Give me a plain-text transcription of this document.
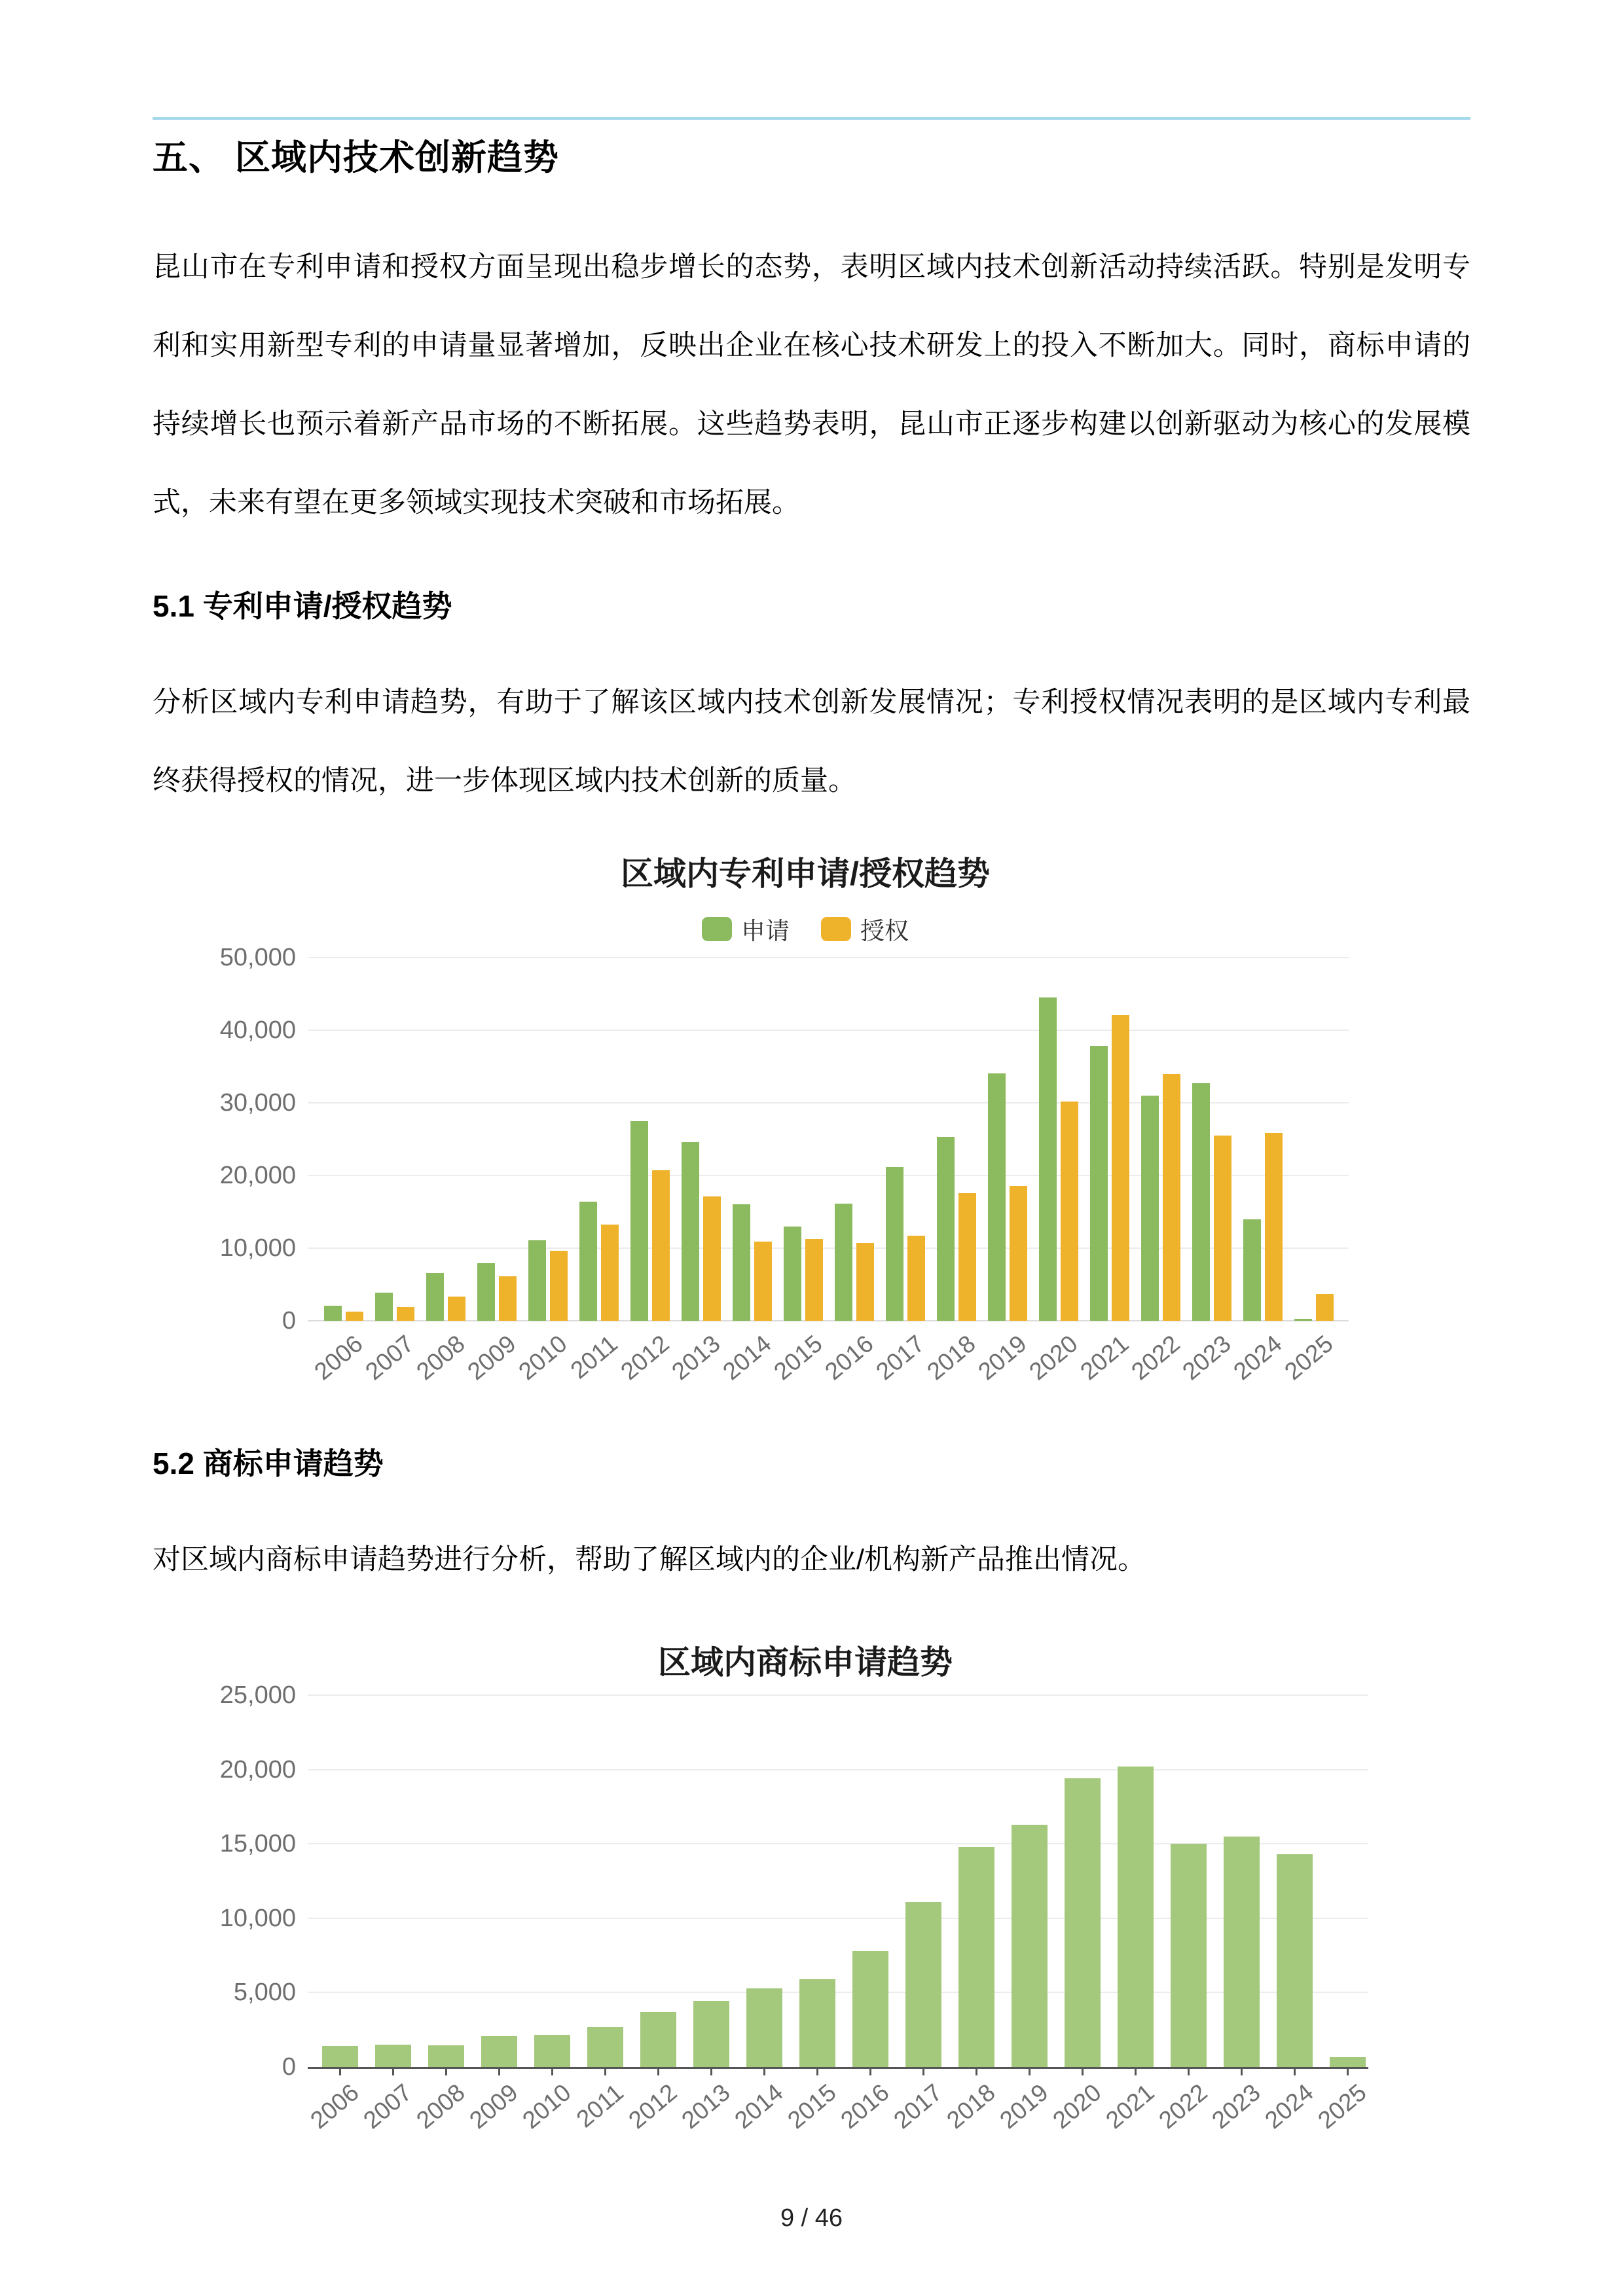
五、 区域内技术创新趋势
昆山市在专利申请和授权方面呈现出稳步增长的态势，表明区域内技术创新活动持续活跃。特别是发明专利和实用新型专利的申请量显著增加，反映出企业在核心技术研发上的投入不断加大。同时，商标申请的持续增长也预示着新产品市场的不断拓展。这些趋势表明，昆山市正逐步构建以创新驱动为核心的发展模式，未来有望在更多领域实现技术突破和市场拓展。
5.1 专利申请/授权趋势
分析区域内专利申请趋势，有助于了解该区域内技术创新发展情况；专利授权情况表明的是区域内专利最终获得授权的情况，进一步体现区域内技术创新的质量。
区域内专利申请/授权趋势
申请	授权
0
10,000
20,000
30,000
40,000
50,000
2006
2007
2008
2009
2010
2011
2012
2013
2014
2015
2016
2017
2018
2019
2020
2021
2022
2023
2024
2025
5.2 商标申请趋势
对区域内商标申请趋势进行分析，帮助了解区域内的企业/机构新产品推出情况。
区域内商标申请趋势
0
5,000
10,000
15,000
20,000
25,000
2006
2007
2008
2009
2010
2011
2012
2013
2014
2015
2016
2017
2018
2019
2020
2021
2022
2023
2024
2025
9 / 46
